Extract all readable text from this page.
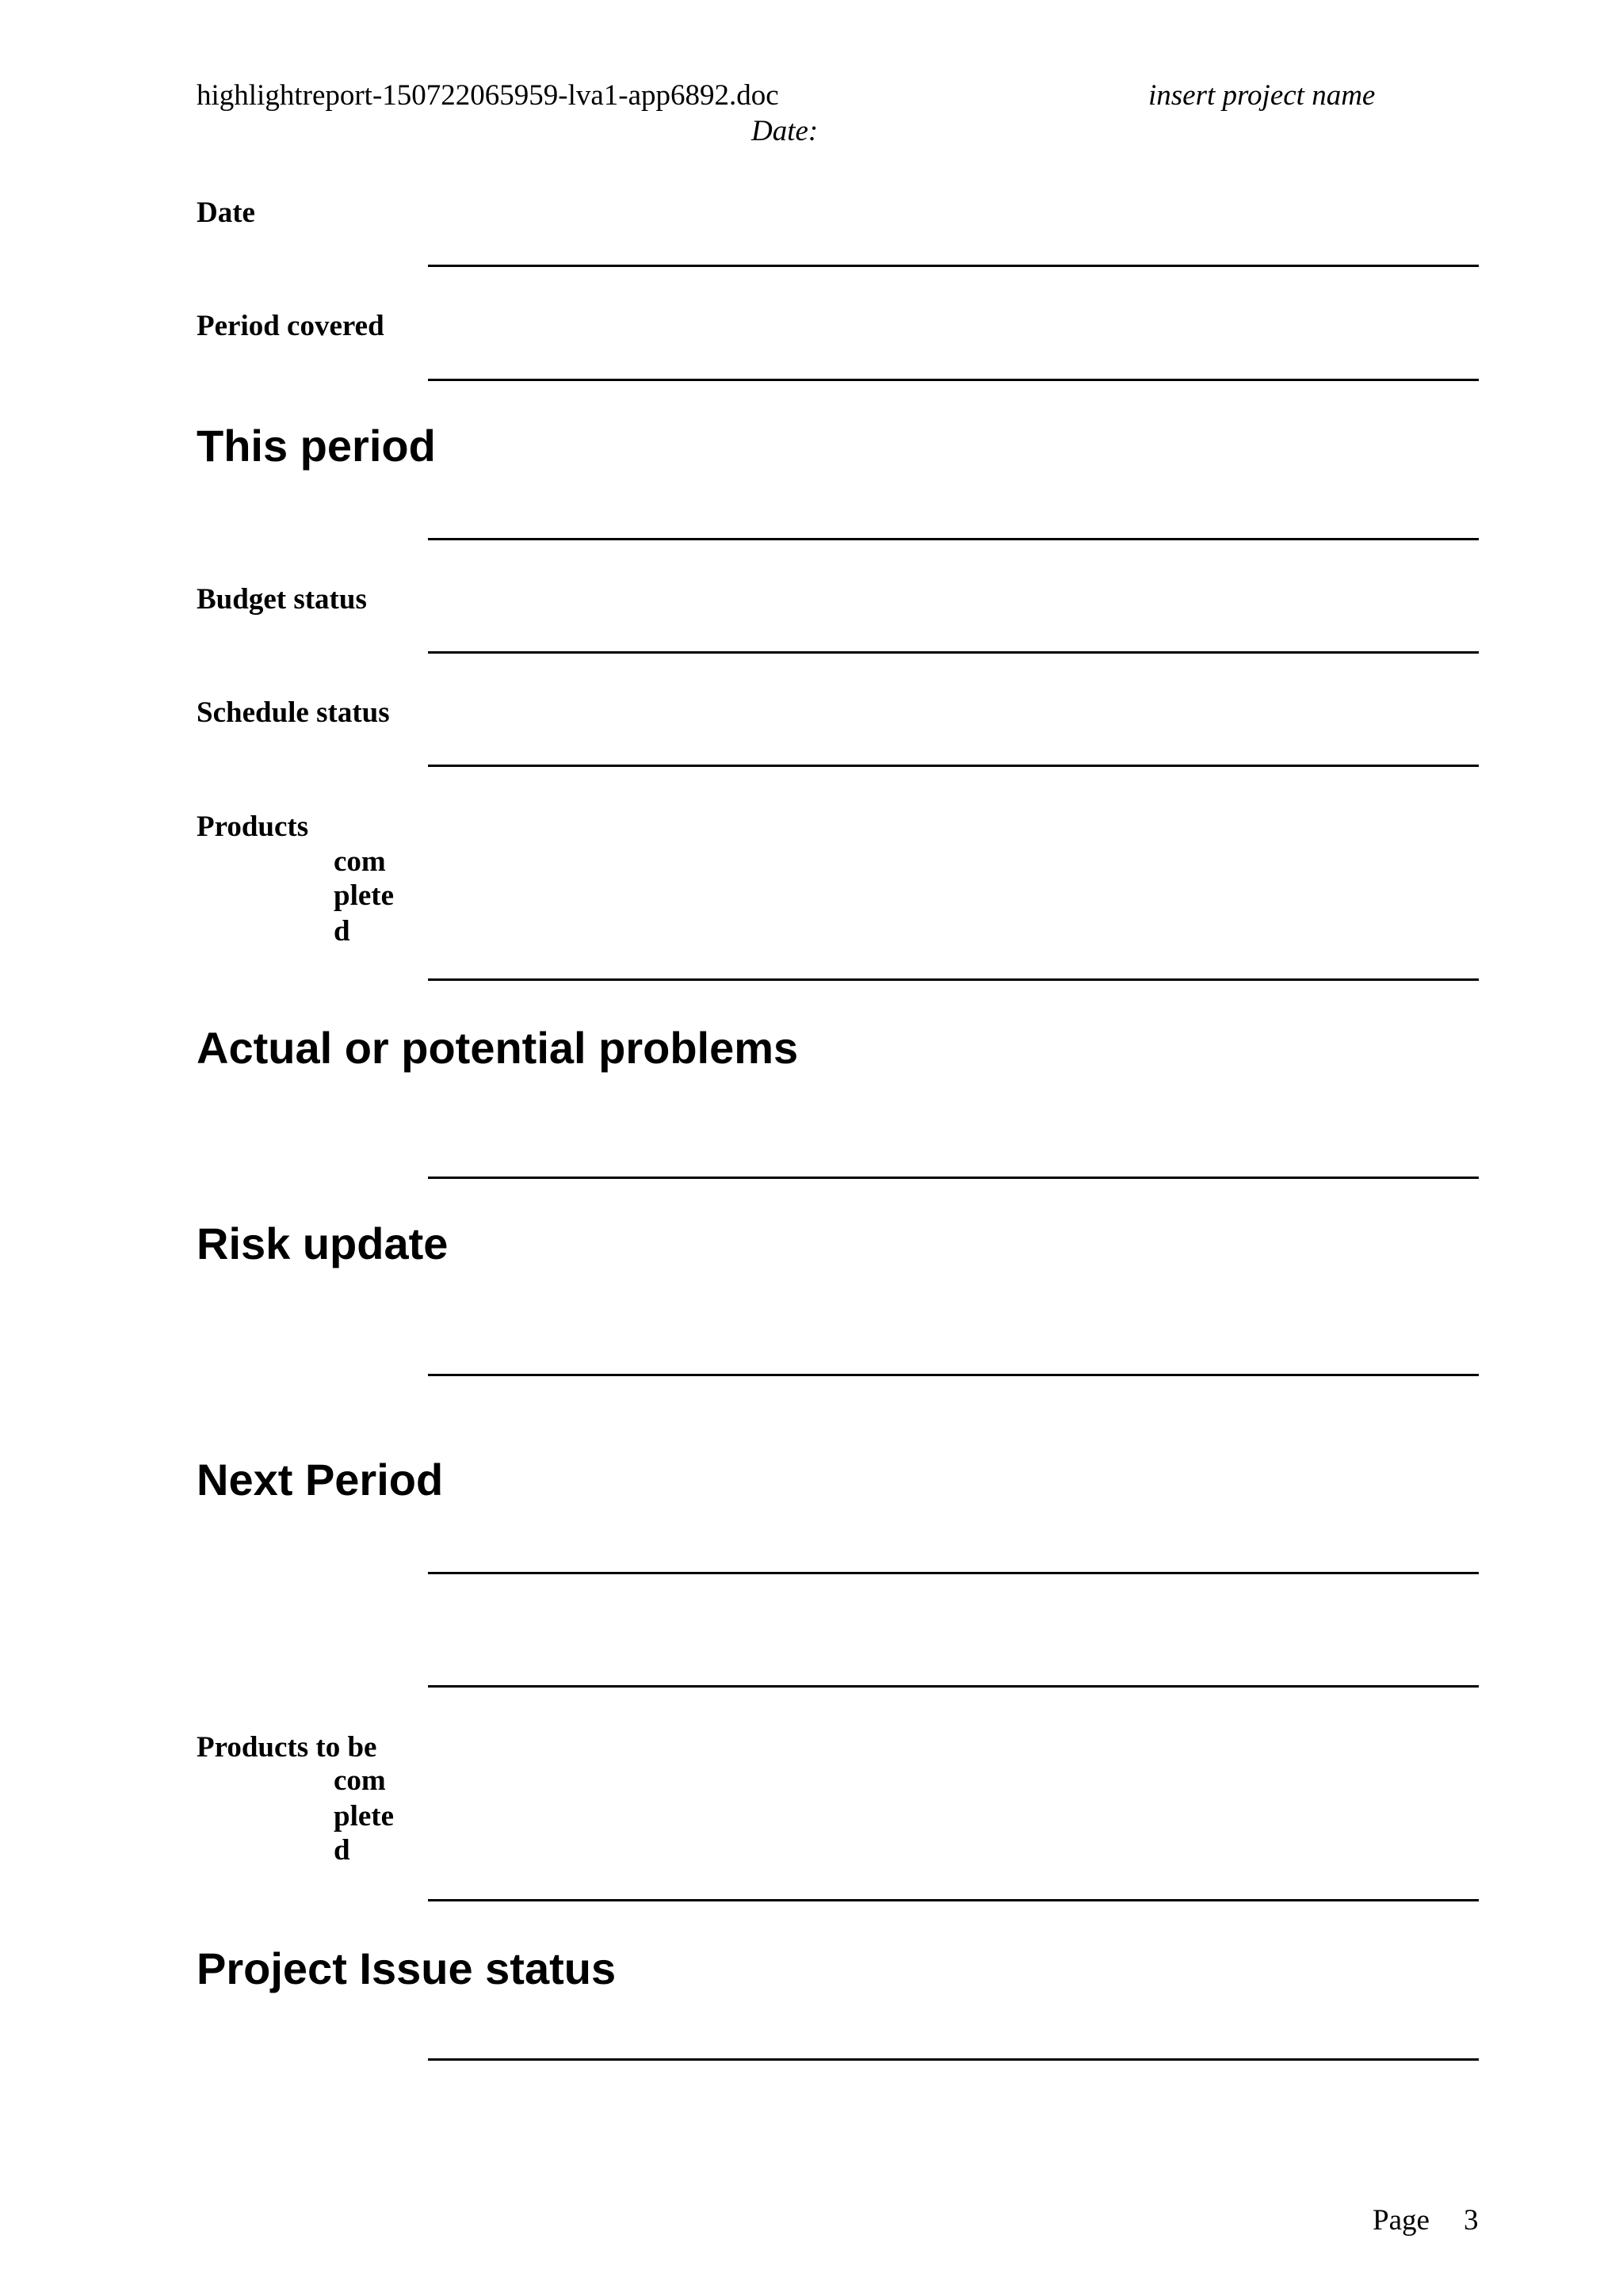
highlightreport-150722065959-lva1-app6892.doc	insert project name
Date:
Date
Period covered
This period
Budget status
Schedule status
Products
com
plete
d
Actual or potential problems
Risk update
Next Period
Products to be
com
plete
d
Project Issue status
Page 3
